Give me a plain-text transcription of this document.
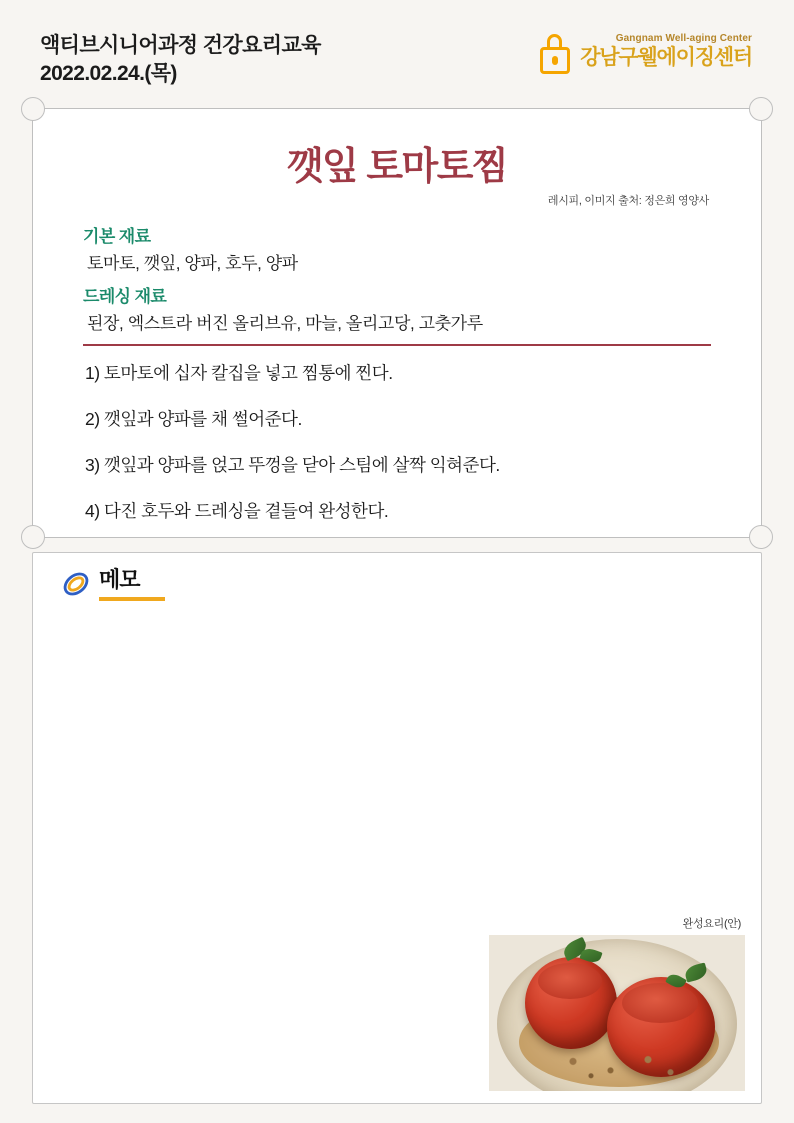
액티브시니어과정 건강요리교육
2022.02.24.(목)
Gangnam Well-aging Center
강남구웰에이징센터
깻잎 토마토찜
레시피, 이미지 출처: 정은희 영양사
기본 재료
토마토, 깻잎, 양파, 호두, 양파
드레싱 재료
된장, 엑스트라 버진 올리브유, 마늘, 올리고당, 고춧가루
1) 토마토에 십자 칼집을 넣고 찜통에 찐다.
2) 깻잎과 양파를 채 썰어준다.
3) 깻잎과 양파를 얹고 뚜껑을 닫아 스팀에 살짝 익혀준다.
4) 다진 호두와 드레싱을 곁들여 완성한다.
메모
완성요리(안)
